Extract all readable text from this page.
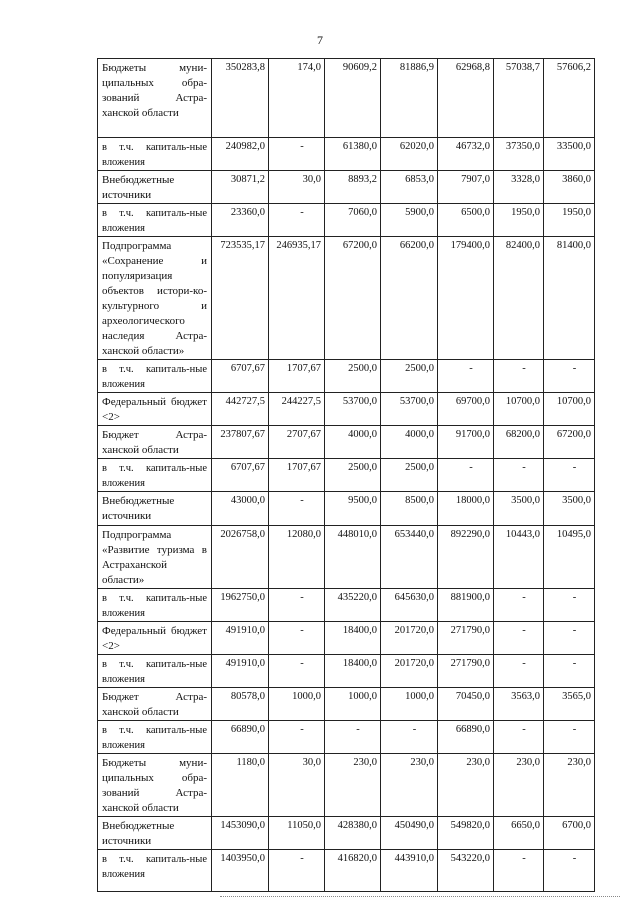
7
Бюджеты муни-ципальных обра-зований Астра-ханской области	350283,8	174,0	90609,2	81886,9	62968,8	57038,7	57606,2
в т.ч. капиталь-ные вложения	240982,0	-	61380,0	62020,0	46732,0	37350,0	33500,0
Внебюджетные источники	30871,2	30,0	8893,2	6853,0	7907,0	3328,0	3860,0
в т.ч. капиталь-ные вложения	23360,0	-	7060,0	5900,0	6500,0	1950,0	1950,0
Подпрограмма «Сохранение и популяризация объектов истори-ко-культурного и археологического наследия Астра-ханской области»	723535,17	246935,17	67200,0	66200,0	179400,0	82400,0	81400,0
в т.ч. капиталь-ные вложения	6707,67	1707,67	2500,0	2500,0	-	-	-
Федеральный бюджет <2>	442727,5	244227,5	53700,0	53700,0	69700,0	10700,0	10700,0
Бюджет Астра-ханской области	237807,67	2707,67	4000,0	4000,0	91700,0	68200,0	67200,0
в т.ч. капиталь-ные вложения	6707,67	1707,67	2500,0	2500,0	-	-	-
Внебюджетные источники	43000,0	-	9500,0	8500,0	18000,0	3500,0	3500,0
Подпрограмма «Развитие туризма в Астраханской области»	2026758,0	12080,0	448010,0	653440,0	892290,0	10443,0	10495,0
в т.ч. капиталь-ные вложения	1962750,0	-	435220,0	645630,0	881900,0	-	-
Федеральный бюджет <2>	491910,0	-	18400,0	201720,0	271790,0	-	-
в т.ч. капиталь-ные вложения	491910,0	-	18400,0	201720,0	271790,0	-	-
Бюджет Астра-ханской области	80578,0	1000,0	1000,0	1000,0	70450,0	3563,0	3565,0
в т.ч. капиталь-ные вложения	66890,0	-	-	-	66890,0	-	-
Бюджеты муни-ципальных обра-зований Астра-ханской области	1180,0	30,0	230,0	230,0	230,0	230,0	230,0
Внебюджетные источники	1453090,0	11050,0	428380,0	450490,0	549820,0	6650,0	6700,0
в т.ч. капиталь-ные вложения	1403950,0	-	416820,0	443910,0	543220,0	-	-
